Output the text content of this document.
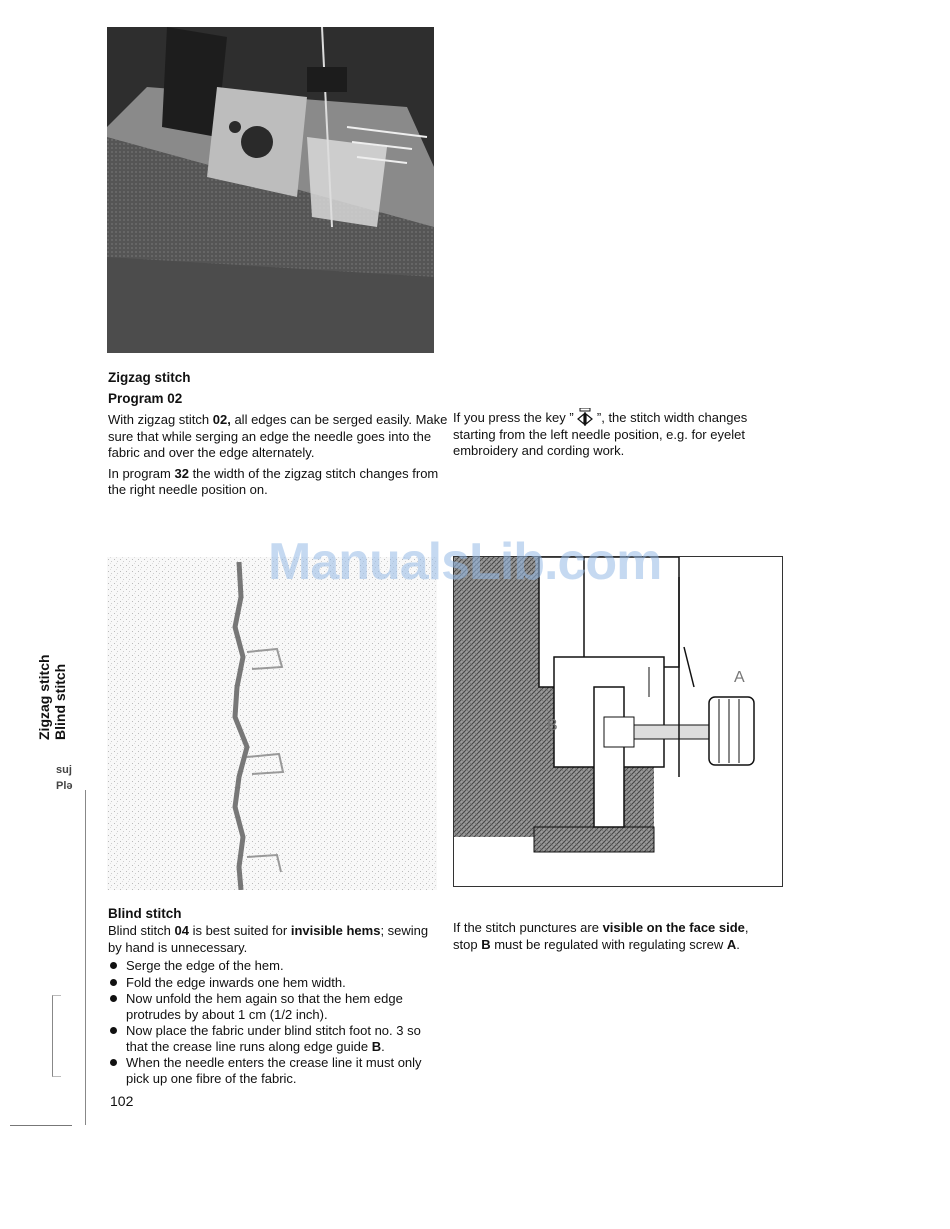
Zigzag stitch
Program 02
With zigzag stitch 02, all edges can be serged easily. Make sure that while serging an edge the needle goes into the fabric and over the edge alternately.
In program 32 the width of the zigzag stitch changes from the right needle position on.
If you press the key ”  ”, the stitch width changes starting from the left needle position, e.g. for eyelet embroidery and cording work.
Zigzag stitch Blind stitch
suj
Plə
A
B
ManualsLib.com
Blind stitch
Blind stitch 04 is best suited for invisible hems; sewing by hand is unnecessary.
Serge the edge of the hem.
Fold the edge inwards one hem width.
Now unfold the hem again so that the hem edge protrudes by about 1 cm (1/2 inch).
Now place the fabric under blind stitch foot no. 3 so that the crease line runs along edge guide B.
When the needle enters the crease line it must only pick up one fibre of the fabric.
If the stitch punctures are visible on the face side, stop B must be regulated with regulating screw A.
102
